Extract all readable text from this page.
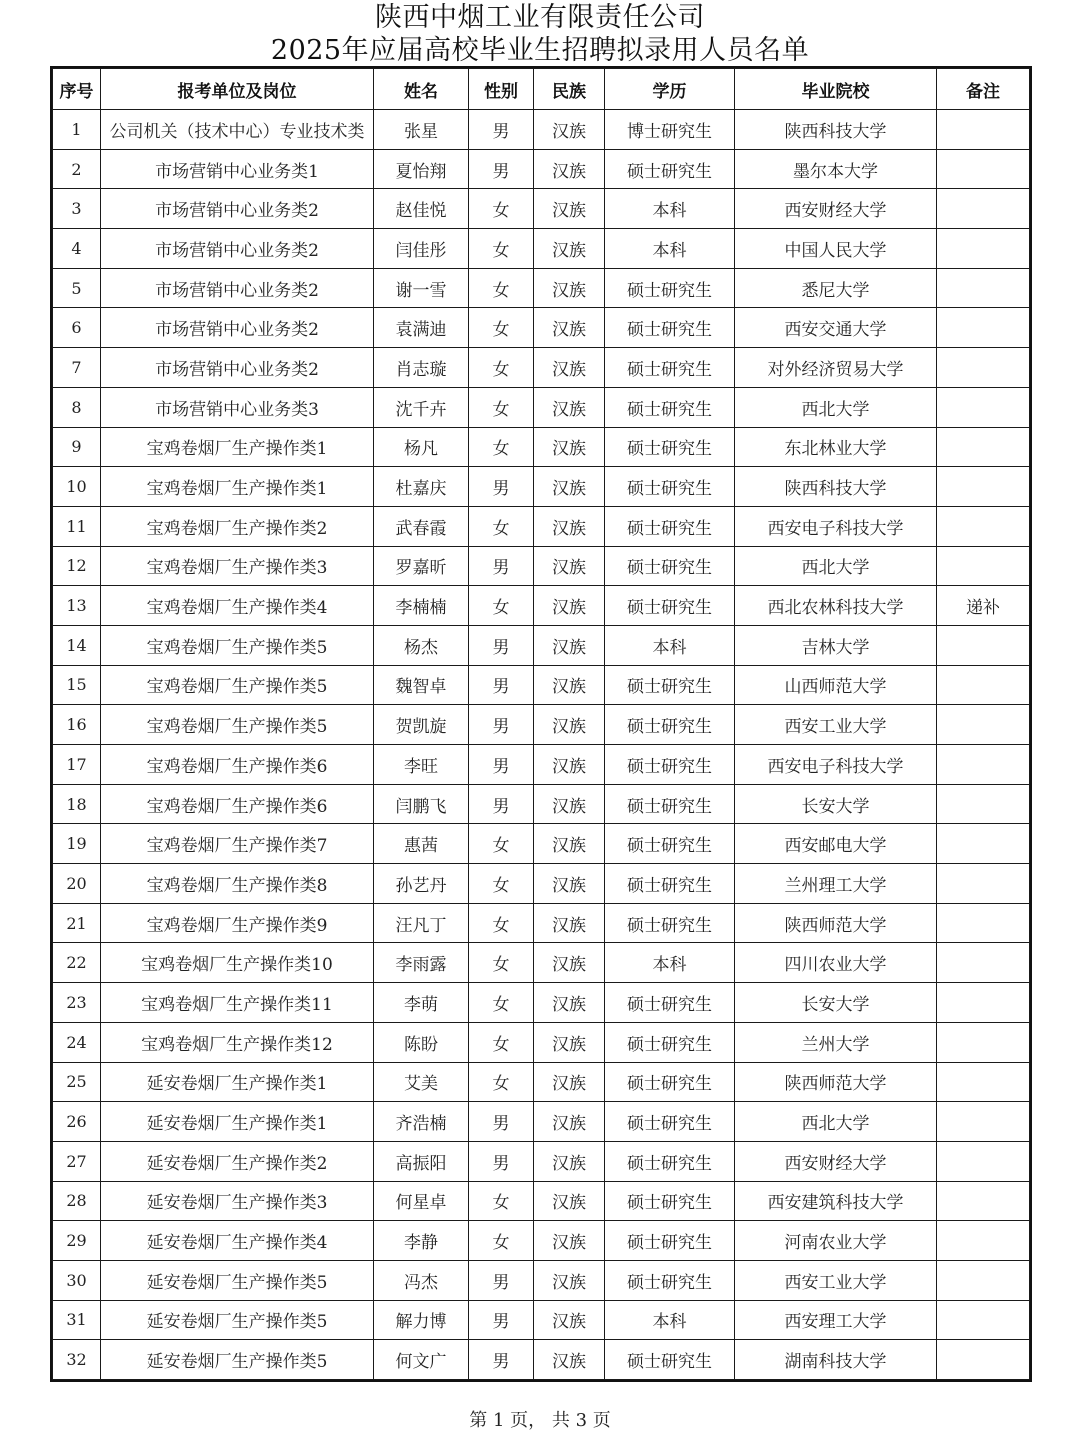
陕西中烟工业有限责任公司
2025年应届高校毕业生招聘拟录用人员名单
序号	报考单位及岗位	姓名	性别	民族	学历	毕业院校	备注
1	公司机关（技术中心）专业技术类	张星	男	汉族	博士研究生	陕西科技大学	
2	市场营销中心业务类1	夏怡翔	男	汉族	硕士研究生	墨尔本大学	
3	市场营销中心业务类2	赵佳悦	女	汉族	本科	西安财经大学	
4	市场营销中心业务类2	闫佳彤	女	汉族	本科	中国人民大学	
5	市场营销中心业务类2	谢一雪	女	汉族	硕士研究生	悉尼大学	
6	市场营销中心业务类2	袁满迪	女	汉族	硕士研究生	西安交通大学	
7	市场营销中心业务类2	肖志璇	女	汉族	硕士研究生	对外经济贸易大学	
8	市场营销中心业务类3	沈千卉	女	汉族	硕士研究生	西北大学	
9	宝鸡卷烟厂生产操作类1	杨凡	女	汉族	硕士研究生	东北林业大学	
10	宝鸡卷烟厂生产操作类1	杜嘉庆	男	汉族	硕士研究生	陕西科技大学	
11	宝鸡卷烟厂生产操作类2	武春霞	女	汉族	硕士研究生	西安电子科技大学	
12	宝鸡卷烟厂生产操作类3	罗嘉昕	男	汉族	硕士研究生	西北大学	
13	宝鸡卷烟厂生产操作类4	李楠楠	女	汉族	硕士研究生	西北农林科技大学	递补
14	宝鸡卷烟厂生产操作类5	杨杰	男	汉族	本科	吉林大学	
15	宝鸡卷烟厂生产操作类5	魏智卓	男	汉族	硕士研究生	山西师范大学	
16	宝鸡卷烟厂生产操作类5	贺凯旋	男	汉族	硕士研究生	西安工业大学	
17	宝鸡卷烟厂生产操作类6	李旺	男	汉族	硕士研究生	西安电子科技大学	
18	宝鸡卷烟厂生产操作类6	闫鹏飞	男	汉族	硕士研究生	长安大学	
19	宝鸡卷烟厂生产操作类7	惠茜	女	汉族	硕士研究生	西安邮电大学	
20	宝鸡卷烟厂生产操作类8	孙艺丹	女	汉族	硕士研究生	兰州理工大学	
21	宝鸡卷烟厂生产操作类9	汪凡丁	女	汉族	硕士研究生	陕西师范大学	
22	宝鸡卷烟厂生产操作类10	李雨露	女	汉族	本科	四川农业大学	
23	宝鸡卷烟厂生产操作类11	李萌	女	汉族	硕士研究生	长安大学	
24	宝鸡卷烟厂生产操作类12	陈盼	女	汉族	硕士研究生	兰州大学	
25	延安卷烟厂生产操作类1	艾美	女	汉族	硕士研究生	陕西师范大学	
26	延安卷烟厂生产操作类1	齐浩楠	男	汉族	硕士研究生	西北大学	
27	延安卷烟厂生产操作类2	高振阳	男	汉族	硕士研究生	西安财经大学	
28	延安卷烟厂生产操作类3	何星卓	女	汉族	硕士研究生	西安建筑科技大学	
29	延安卷烟厂生产操作类4	李静	女	汉族	硕士研究生	河南农业大学	
30	延安卷烟厂生产操作类5	冯杰	男	汉族	硕士研究生	西安工业大学	
31	延安卷烟厂生产操作类5	解力博	男	汉族	本科	西安理工大学	
32	延安卷烟厂生产操作类5	何文广	男	汉族	硕士研究生	湖南科技大学	
第 1 页， 共 3 页
